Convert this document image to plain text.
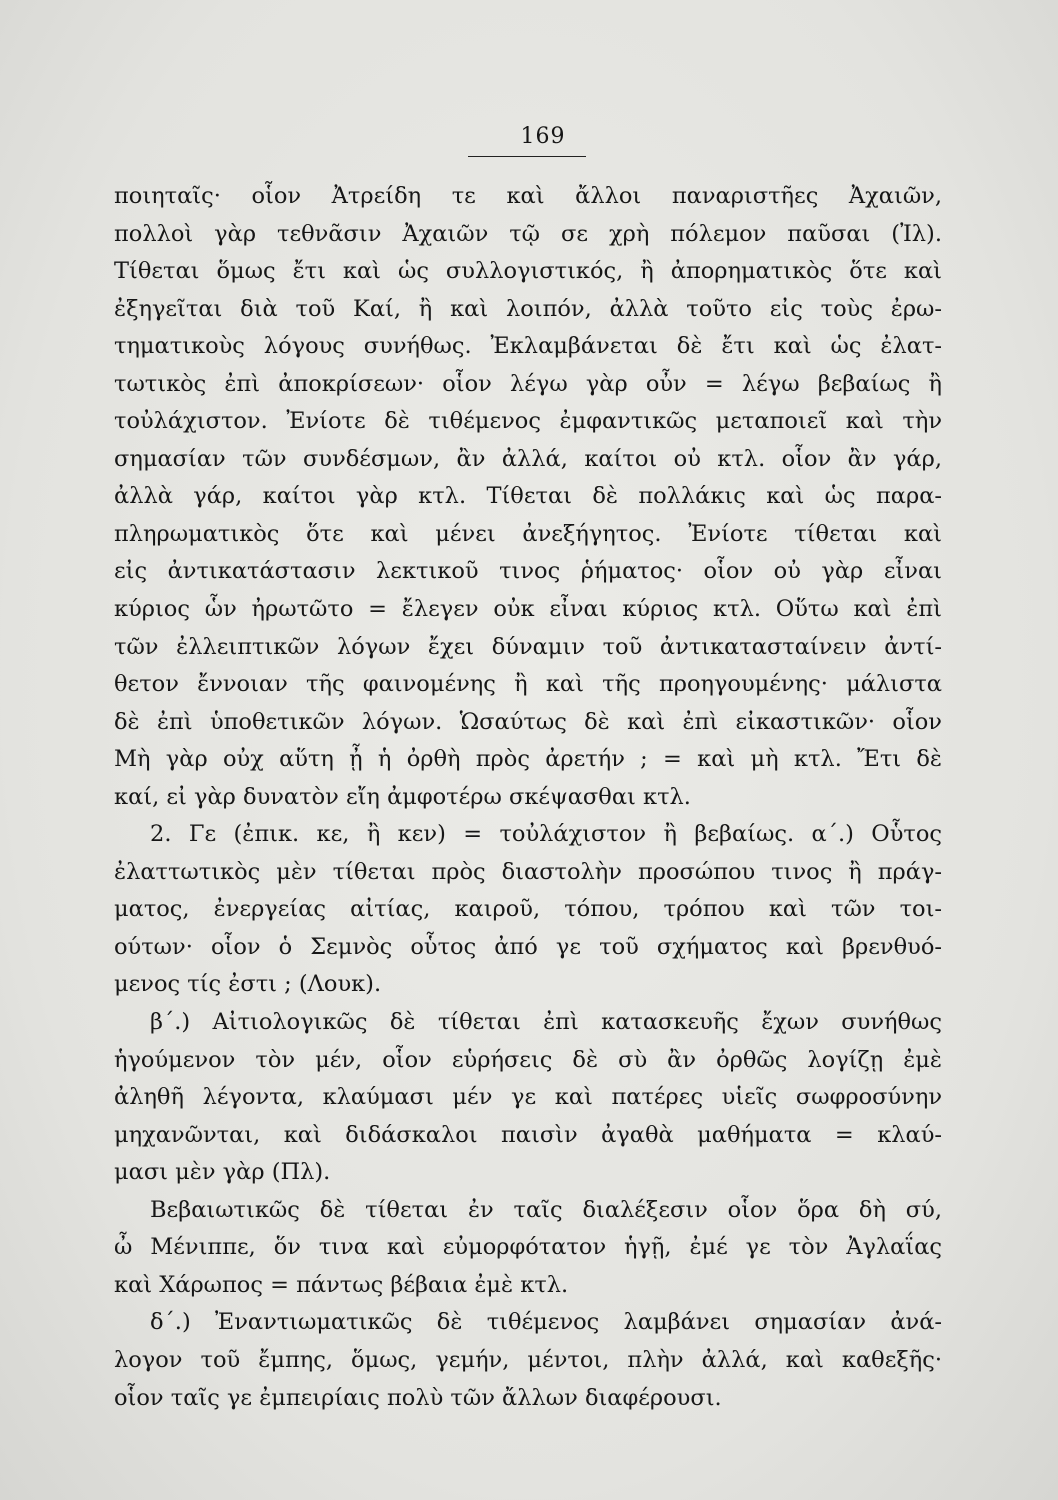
169
ποιηταῖς· οἷον Ἀτρείδη τε καὶ ἄλλοι παναριστῆες Ἀχαιῶν,
πολλοὶ γὰρ τεθνᾶσιν Ἀχαιῶν τῷ σε χρὴ πόλεμον παῦσαι (Ἰλ).
Τίθεται ὅμως ἔτι καὶ ὡς συλλογιστικός, ἢ ἀπορηματικὸς ὅτε καὶ
ἐξηγεῖται διὰ τοῦ Καί, ἢ καὶ λοιπόν, ἀλλὰ τοῦτο εἰς τοὺς ἐρω-
τηματικοὺς λόγους συνήθως. Ἐκλαμβάνεται δὲ ἔτι καὶ ὡς ἐλατ-
τωτικὸς ἐπὶ ἀποκρίσεων· οἷον λέγω γὰρ οὖν = λέγω βεβαίως ἢ
τοὐλάχιστον. Ἐνίοτε δὲ τιθέμενος ἐμφαντικῶς μεταποιεῖ καὶ τὴν
σημασίαν τῶν συνδέσμων, ἂν ἀλλά, καίτοι οὐ κτλ. οἷον ἂν γάρ,
ἀλλὰ γάρ, καίτοι γὰρ κτλ. Τίθεται δὲ πολλάκις καὶ ὡς παρα-
πληρωματικὸς ὅτε καὶ μένει ἀνεξήγητος. Ἐνίοτε τίθεται καὶ
εἰς ἀντικατάστασιν λεκτικοῦ τινος ῥήματος· οἷον οὐ γὰρ εἶναι
κύριος ὧν ἠρωτῶτο = ἔλεγεν οὐκ εἶναι κύριος κτλ. Οὕτω καὶ ἐπὶ
τῶν ἐλλειπτικῶν λόγων ἔχει δύναμιν τοῦ ἀντικατασταίνειν ἀντί-
θετον ἔννοιαν τῆς φαινομένης ἢ καὶ τῆς προηγουμένης· μάλιστα
δὲ ἐπὶ ὑποθετικῶν λόγων. Ὡσαύτως δὲ καὶ ἐπὶ εἰκαστικῶν· οἷον
Μὴ γὰρ οὐχ αὕτη ᾖ ἡ ὀρθὴ πρὸς ἀρετήν ; = καὶ μὴ κτλ. Ἔτι δὲ
καί, εἰ γὰρ δυνατὸν εἴη ἀμφοτέρω σκέψασθαι κτλ.
2. Γε (ἐπικ. κε, ἢ κεν) = τοὐλάχιστον ἢ βεβαίως. α΄.) Οὗτος
ἐλαττωτικὸς μὲν τίθεται πρὸς διαστολὴν προσώπου τινος ἢ πράγ-
ματος, ἐνεργείας αἰτίας, καιροῦ, τόπου, τρόπου καὶ τῶν τοι-
ούτων· οἷον ὁ Σεμνὸς οὗτος ἀπό γε τοῦ σχήματος καὶ βρενθυό-
μενος τίς ἐστι ; (Λουκ).
β΄.) Αἰτιολογικῶς δὲ τίθεται ἐπὶ κατασκευῆς ἔχων συνήθως
ἡγούμενον τὸν μέν, οἷον εὑρήσεις δὲ σὺ ἂν ὀρθῶς λογίζῃ ἐμὲ
ἀληθῆ λέγοντα, κλαύμασι μέν γε καὶ πατέρες υἱεῖς σωφροσύνην
μηχανῶνται, καὶ διδάσκαλοι παισὶν ἀγαθὰ μαθήματα = κλαύ-
μασι μὲν γὰρ (Πλ).
Βεβαιωτικῶς δὲ τίθεται ἐν ταῖς διαλέξεσιν οἷον ὅρα δὴ σύ,
ὦ Μένιππε, ὅν τινα καὶ εὐμορφότατον ἡγῇ, ἐμέ γε τὸν Ἀγλαΐας
καὶ Χάρωπος = πάντως βέβαια ἐμὲ κτλ.
δ΄.) Ἐναντιωματικῶς δὲ τιθέμενος λαμβάνει σημασίαν ἀνά-
λογον τοῦ ἔμπης, ὅμως, γεμήν, μέντοι, πλὴν ἀλλά, καὶ καθεξῆς·
οἷον ταῖς γε ἐμπειρίαις πολὺ τῶν ἄλλων διαφέρουσι.
